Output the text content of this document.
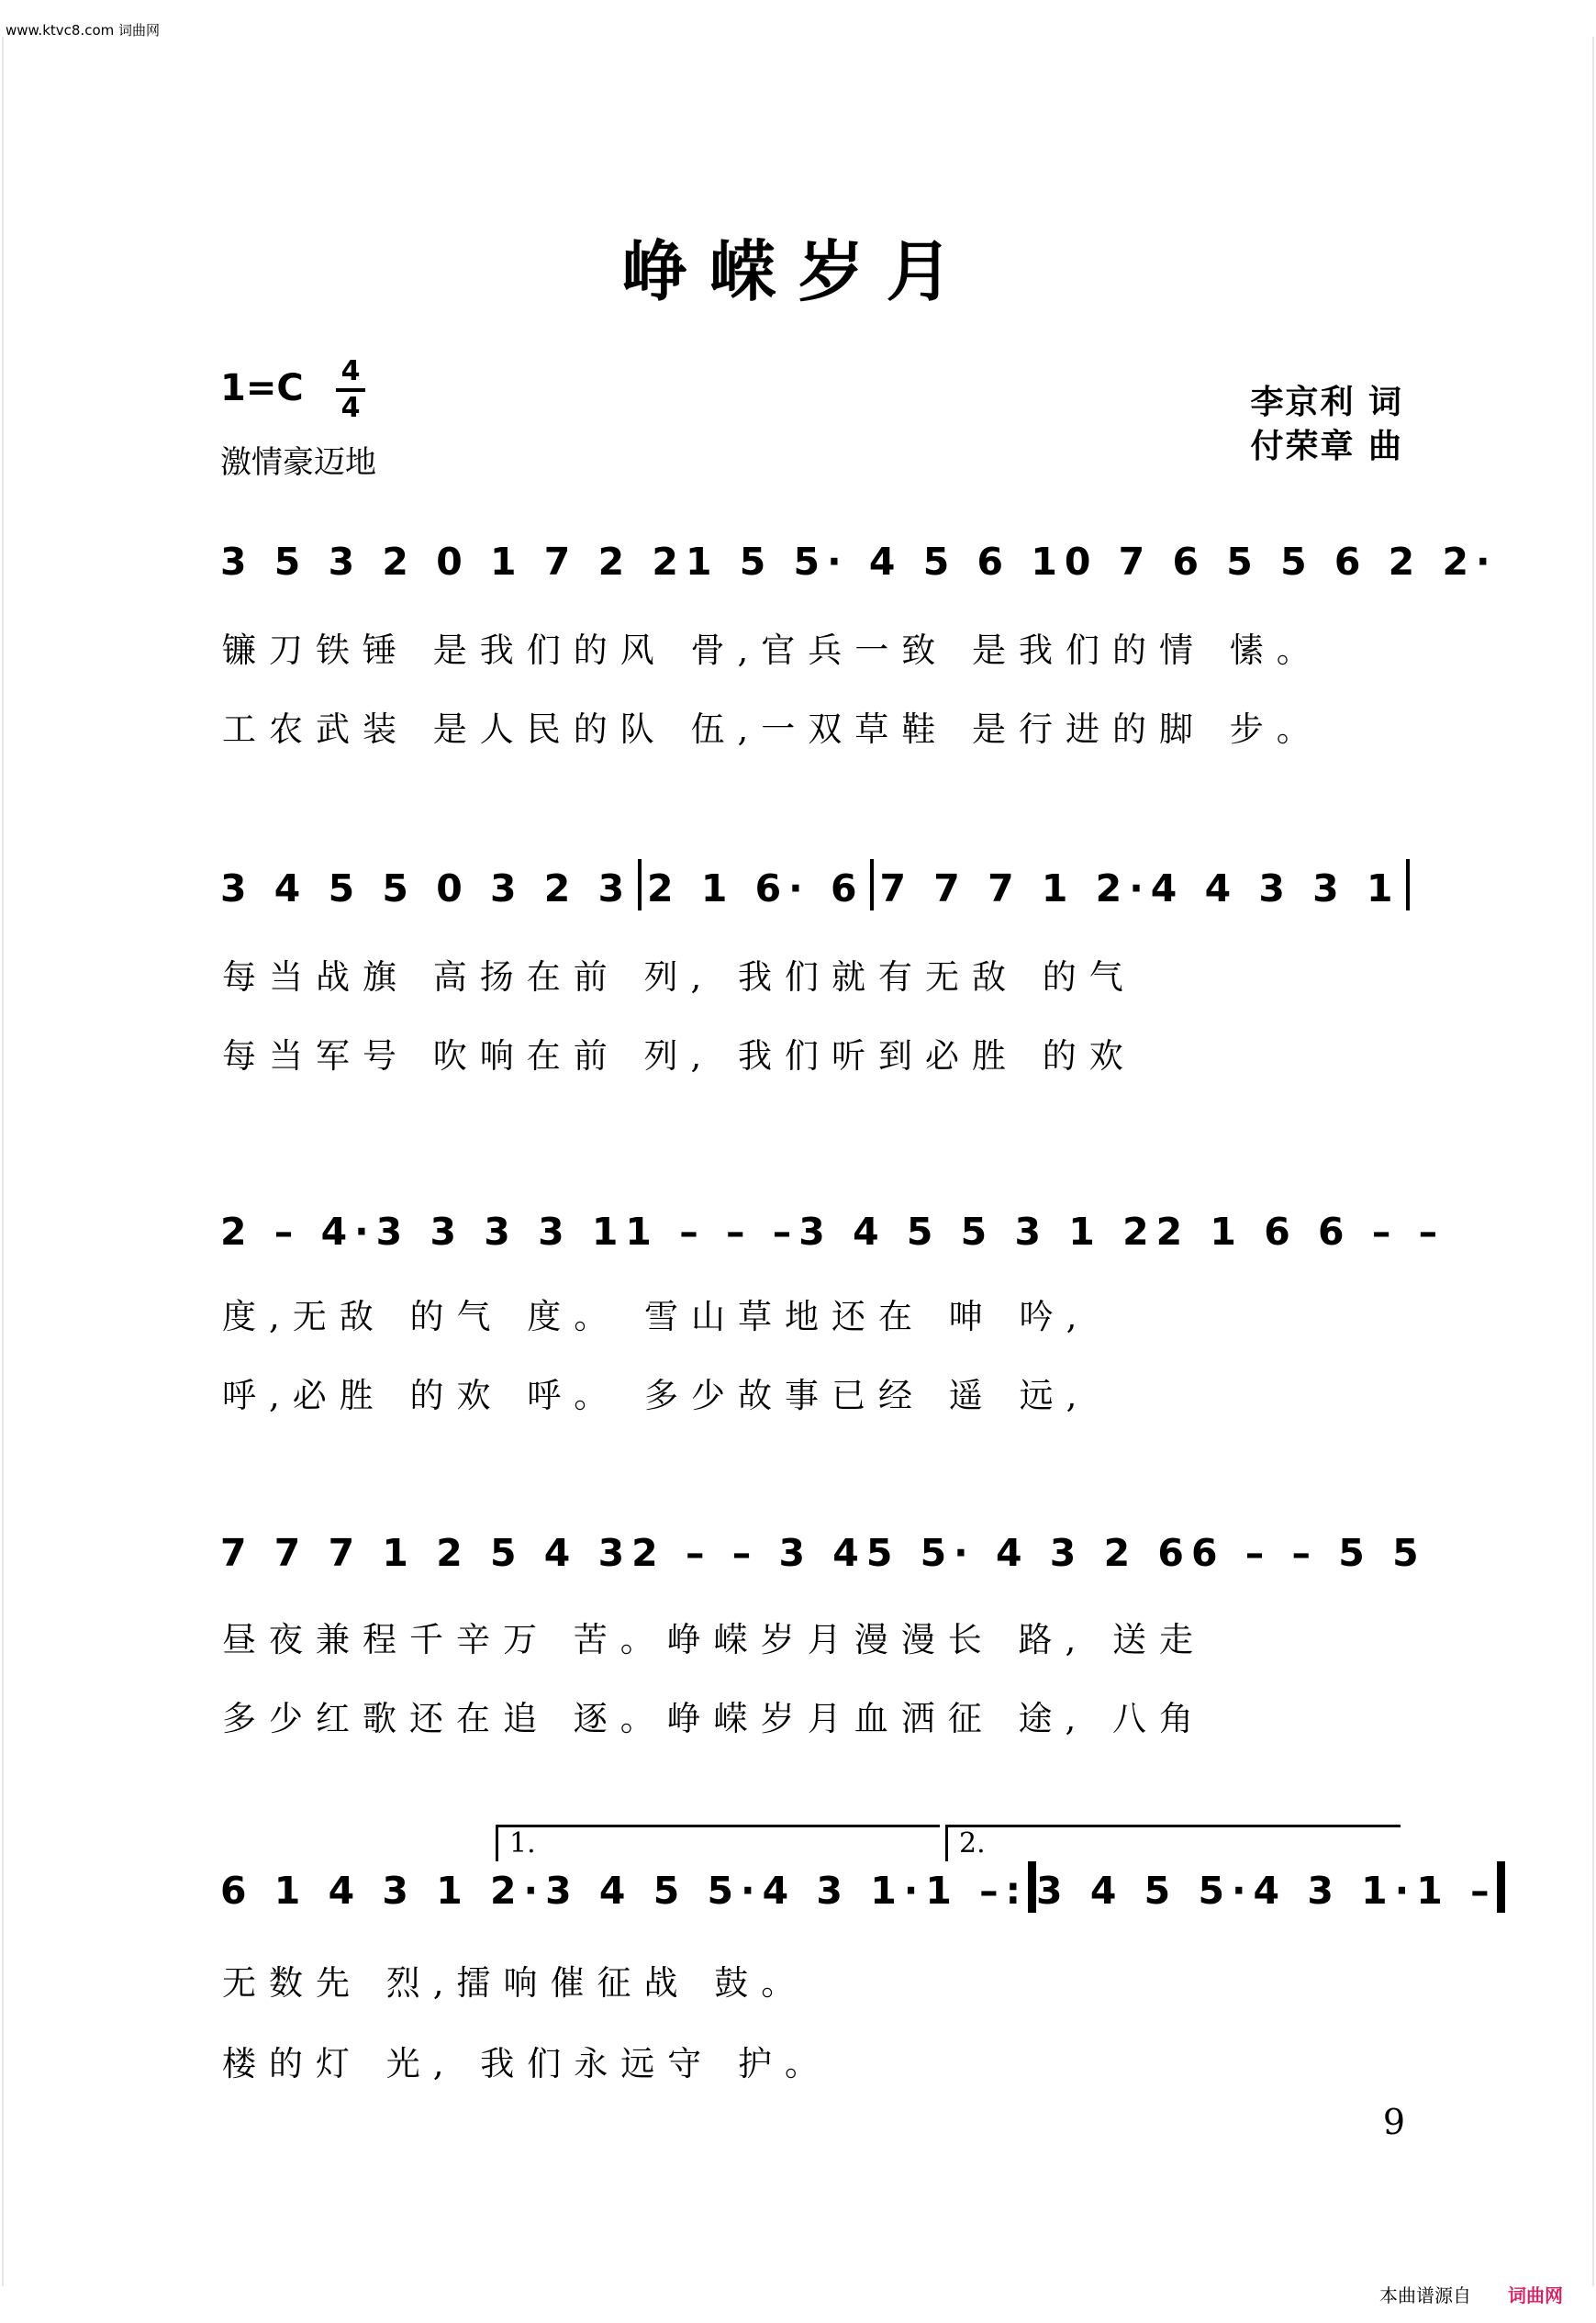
www.ktvc8.com 词曲网
峥嵘岁月
1=C 4
4
激情豪迈地
李京利 词
付荣章 曲
3 5 3 2 0 1 7 2 2 1 5 5· 4 5 6 1 0 7 6 5 5 6 2 2·
镰刀铁锤 是我们的风 骨,官兵一致 是我们的情 愫。
工农武装 是人民的队 伍,一双草鞋 是行进的脚 步。
3 4 5 5 0 3 2 3 2 1 6· 6 7 7 7 1 2·4 4 3 3 1
每当战旗 高扬在前 列, 我们就有无敌 的气
每当军号 吹响在前 列, 我们听到必胜 的欢
2 – 4·3 3 3 3 1 1 – – – 3 4 5 5 3 1 2 2 1 6 6 – –
度,无敌 的气 度。 雪山草地还在 呻 吟,
呼,必胜 的欢 呼。 多少故事已经 遥 远,
7 7 7 1 2 5 4 3 2 – – 3 4 5 5· 4 3 2 6 6 – – 5 5
昼夜兼程千辛万 苦。峥嵘岁月漫漫长 路, 送走
多少红歌还在追 逐。峥嵘岁月血洒征 途, 八角
1.	2.
6 1 4 3 1 2· 3 4 5 5·4 3 1·1 –: 3 4 5 5·4 3 1·1 –
无数先 烈,擂响催征战 鼓。
楼的灯 光, 我们永远守 护。
9
本曲谱源自 词曲网
